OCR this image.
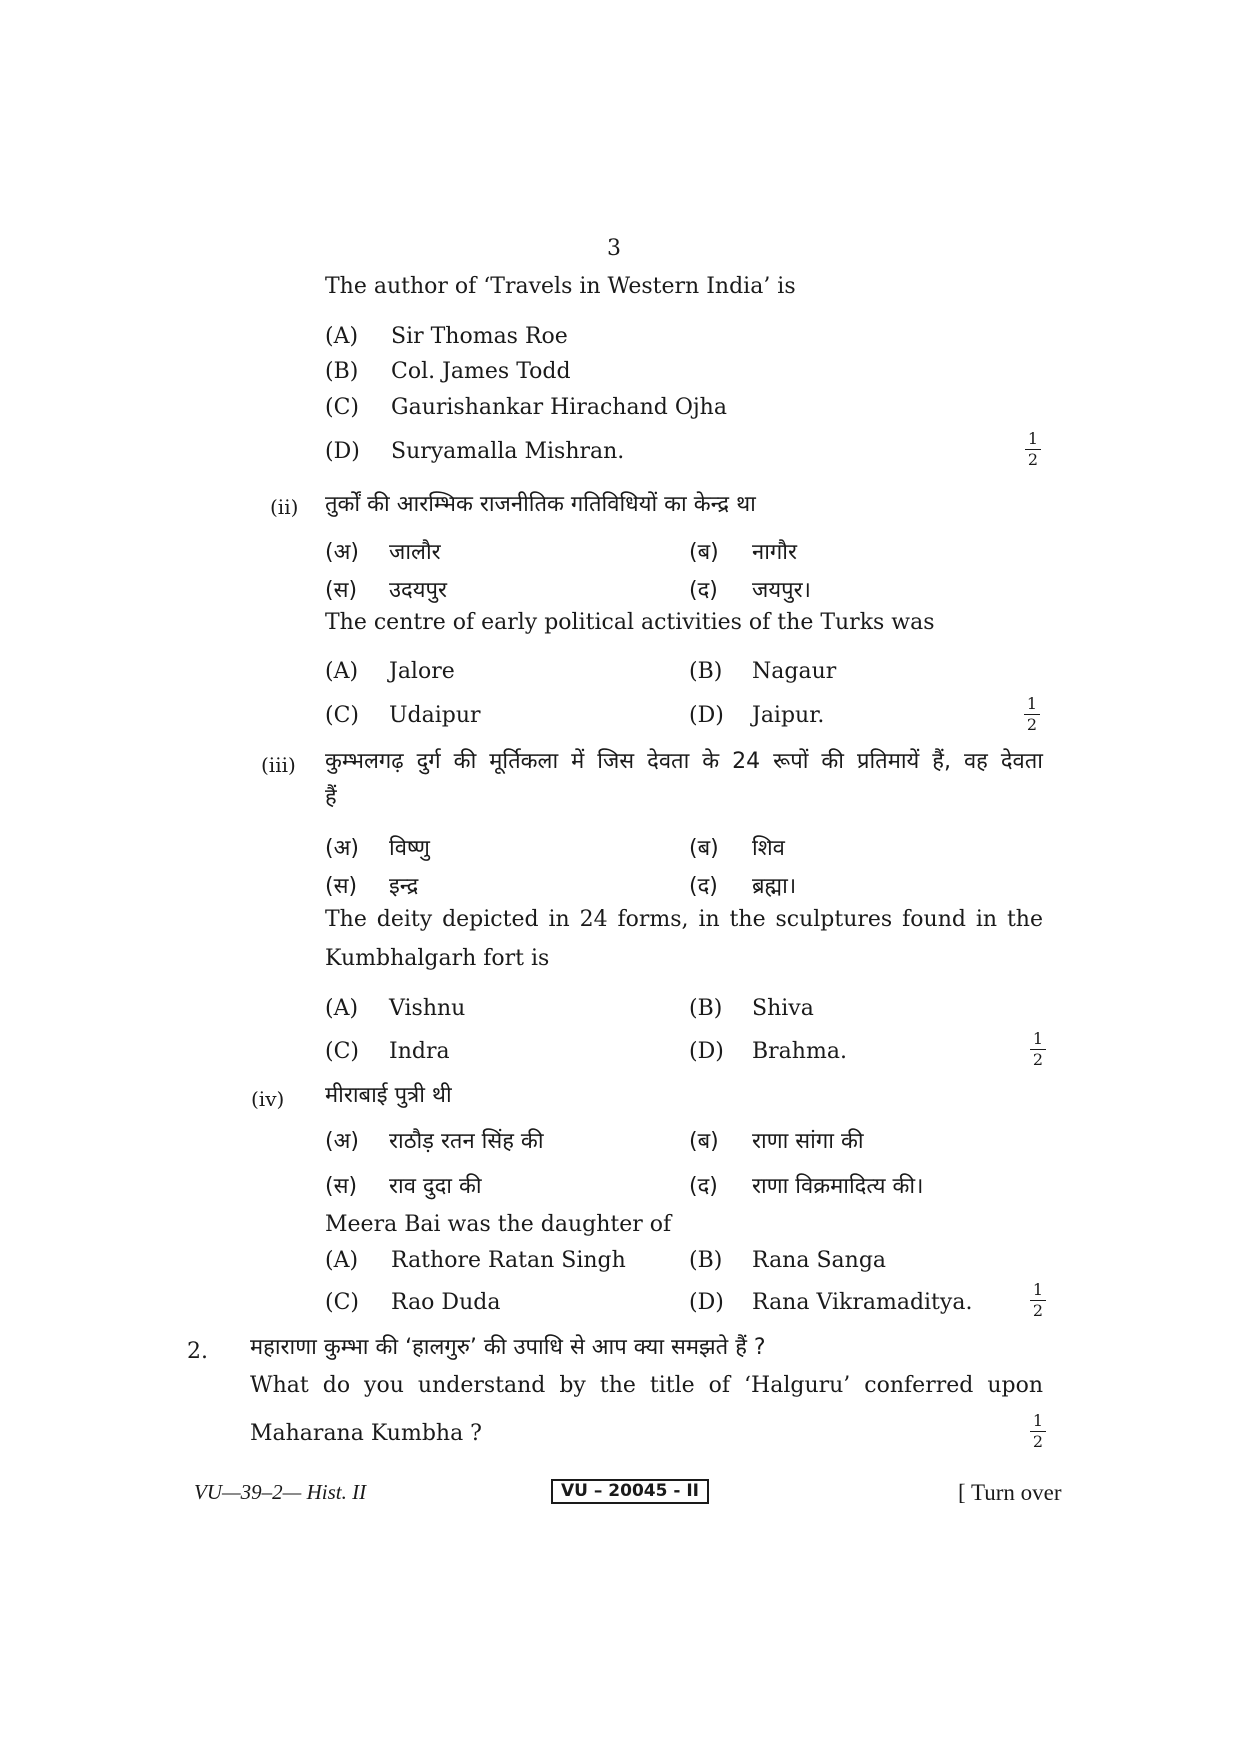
3
The author of ‘Travels in Western India’ is
(A) Sir Thomas Roe
(B) Col. James Todd
(C) Gaurishankar Hirachand Ojha
(D) Suryamalla Mishran.
1
2
(ii) तुर्कों की आरम्भिक राजनीतिक गतिविधियों का केन्द्र था
(अ) जालौर	(ब) नागौर
(स) उदयपुर	(द) जयपुर।
The centre of early political activities of the Turks was
(A) Jalore	(B) Nagaur
(C) Udaipur	(D) Jaipur.	1
2
(iii) कुम्भलगढ़ दुर्ग की मूर्तिकला में जिस देवता के 24 रूपों की प्रतिमायें हैं, वह देवता
हैं
(अ) विष्णु	(ब) शिव
(स) इन्द्र	(द) ब्रह्मा।
The deity depicted in 24 forms, in the sculptures found in the
Kumbhalgarh fort is
(A) Vishnu	(B) Shiva
(C) Indra	(D) Brahma.
1
2
(iv) मीराबाई पुत्री थी
(अ) राठौड़ रतन सिंह की	(ब) राणा सांगा की
(स) राव दुदा की	(द) राणा विक्रमादित्य की।
Meera Bai was the daughter of
(A) Rathore Ratan Singh	(B) Rana Sanga
(C) Rao Duda	(D) Rana Vikramaditya.
1
2
2. महाराणा कुम्भा की ‘हालगुरु’ की उपाधि से आप क्या समझते हैं ?
What do you understand by the title of ‘Halguru’ conferred upon
Maharana Kumbha ?
1
2
VU—39–2— Hist. II	VU – 20045 - II	[ Turn over
